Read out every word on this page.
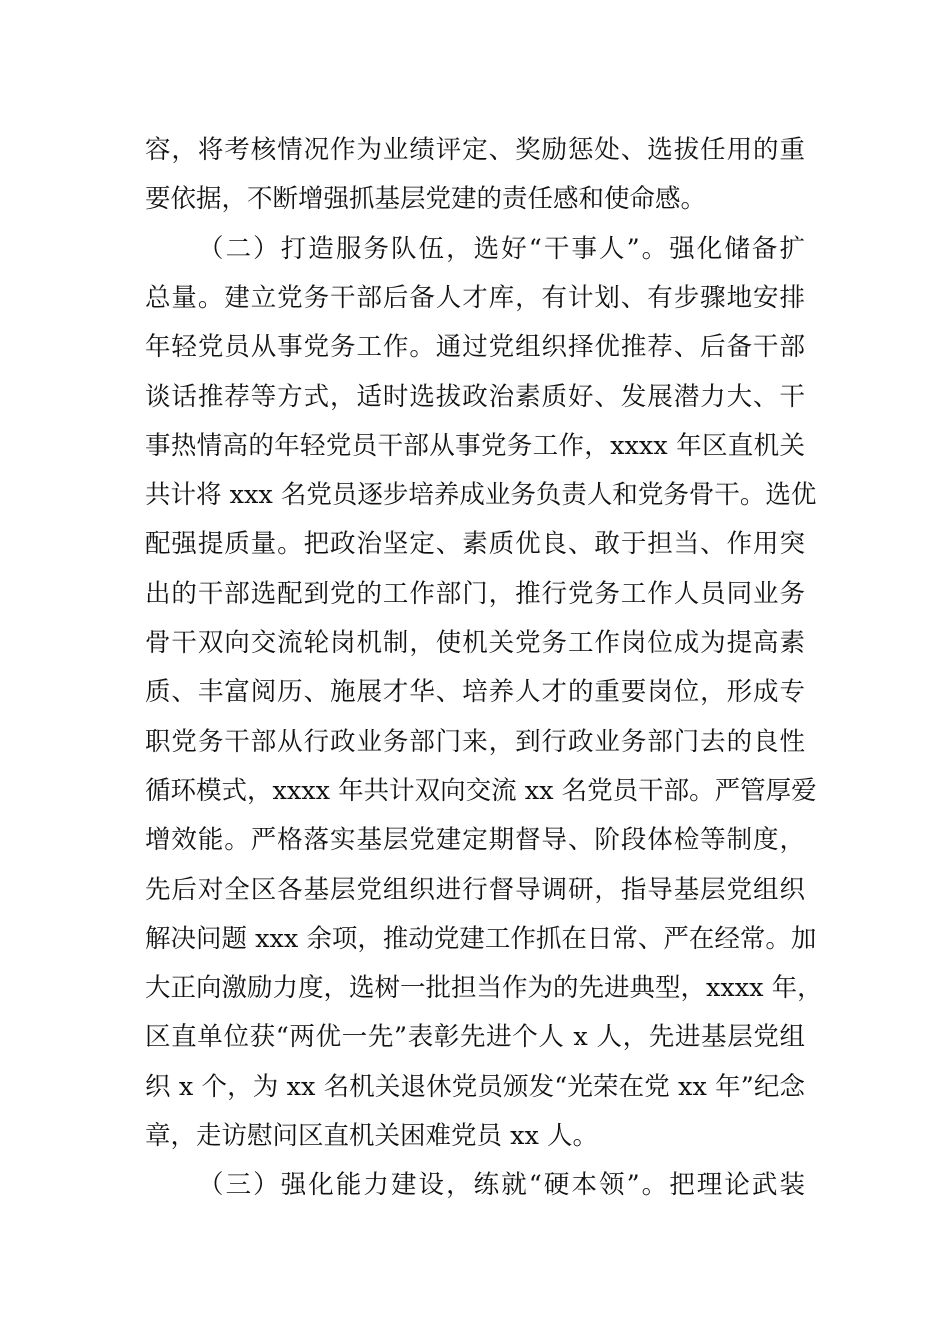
容，将考核情况作为业绩评定、奖励惩处、选拔任用的重
要依据，不断增强抓基层党建的责任感和使命感。
（二）打造服务队伍，选好“干事人”。强化储备扩
总量。建立党务干部后备人才库，有计划、有步骤地安排
年轻党员从事党务工作。通过党组织择优推荐、后备干部
谈话推荐等方式，适时选拔政治素质好、发展潜力大、干
事热情高的年轻党员干部从事党务工作，xxxx 年区直机关
共计将 xxx 名党员逐步培养成业务负责人和党务骨干。选优
配强提质量。把政治坚定、素质优良、敢于担当、作用突
出的干部选配到党的工作部门，推行党务工作人员同业务
骨干双向交流轮岗机制，使机关党务工作岗位成为提高素
质、丰富阅历、施展才华、培养人才的重要岗位，形成专
职党务干部从行政业务部门来，到行政业务部门去的良性
循环模式，xxxx 年共计双向交流 xx 名党员干部。严管厚爱
增效能。严格落实基层党建定期督导、阶段体检等制度，
先后对全区各基层党组织进行督导调研，指导基层党组织
解决问题 xxx 余项，推动党建工作抓在日常、严在经常。加
大正向激励力度，选树一批担当作为的先进典型，xxxx 年，
区直单位获“两优一先”表彰先进个人 x 人，先进基层党组
织 x 个，为 xx 名机关退休党员颁发“光荣在党 xx 年”纪念
章，走访慰问区直机关困难党员 xx 人。
（三）强化能力建设，练就“硬本领”。把理论武装
